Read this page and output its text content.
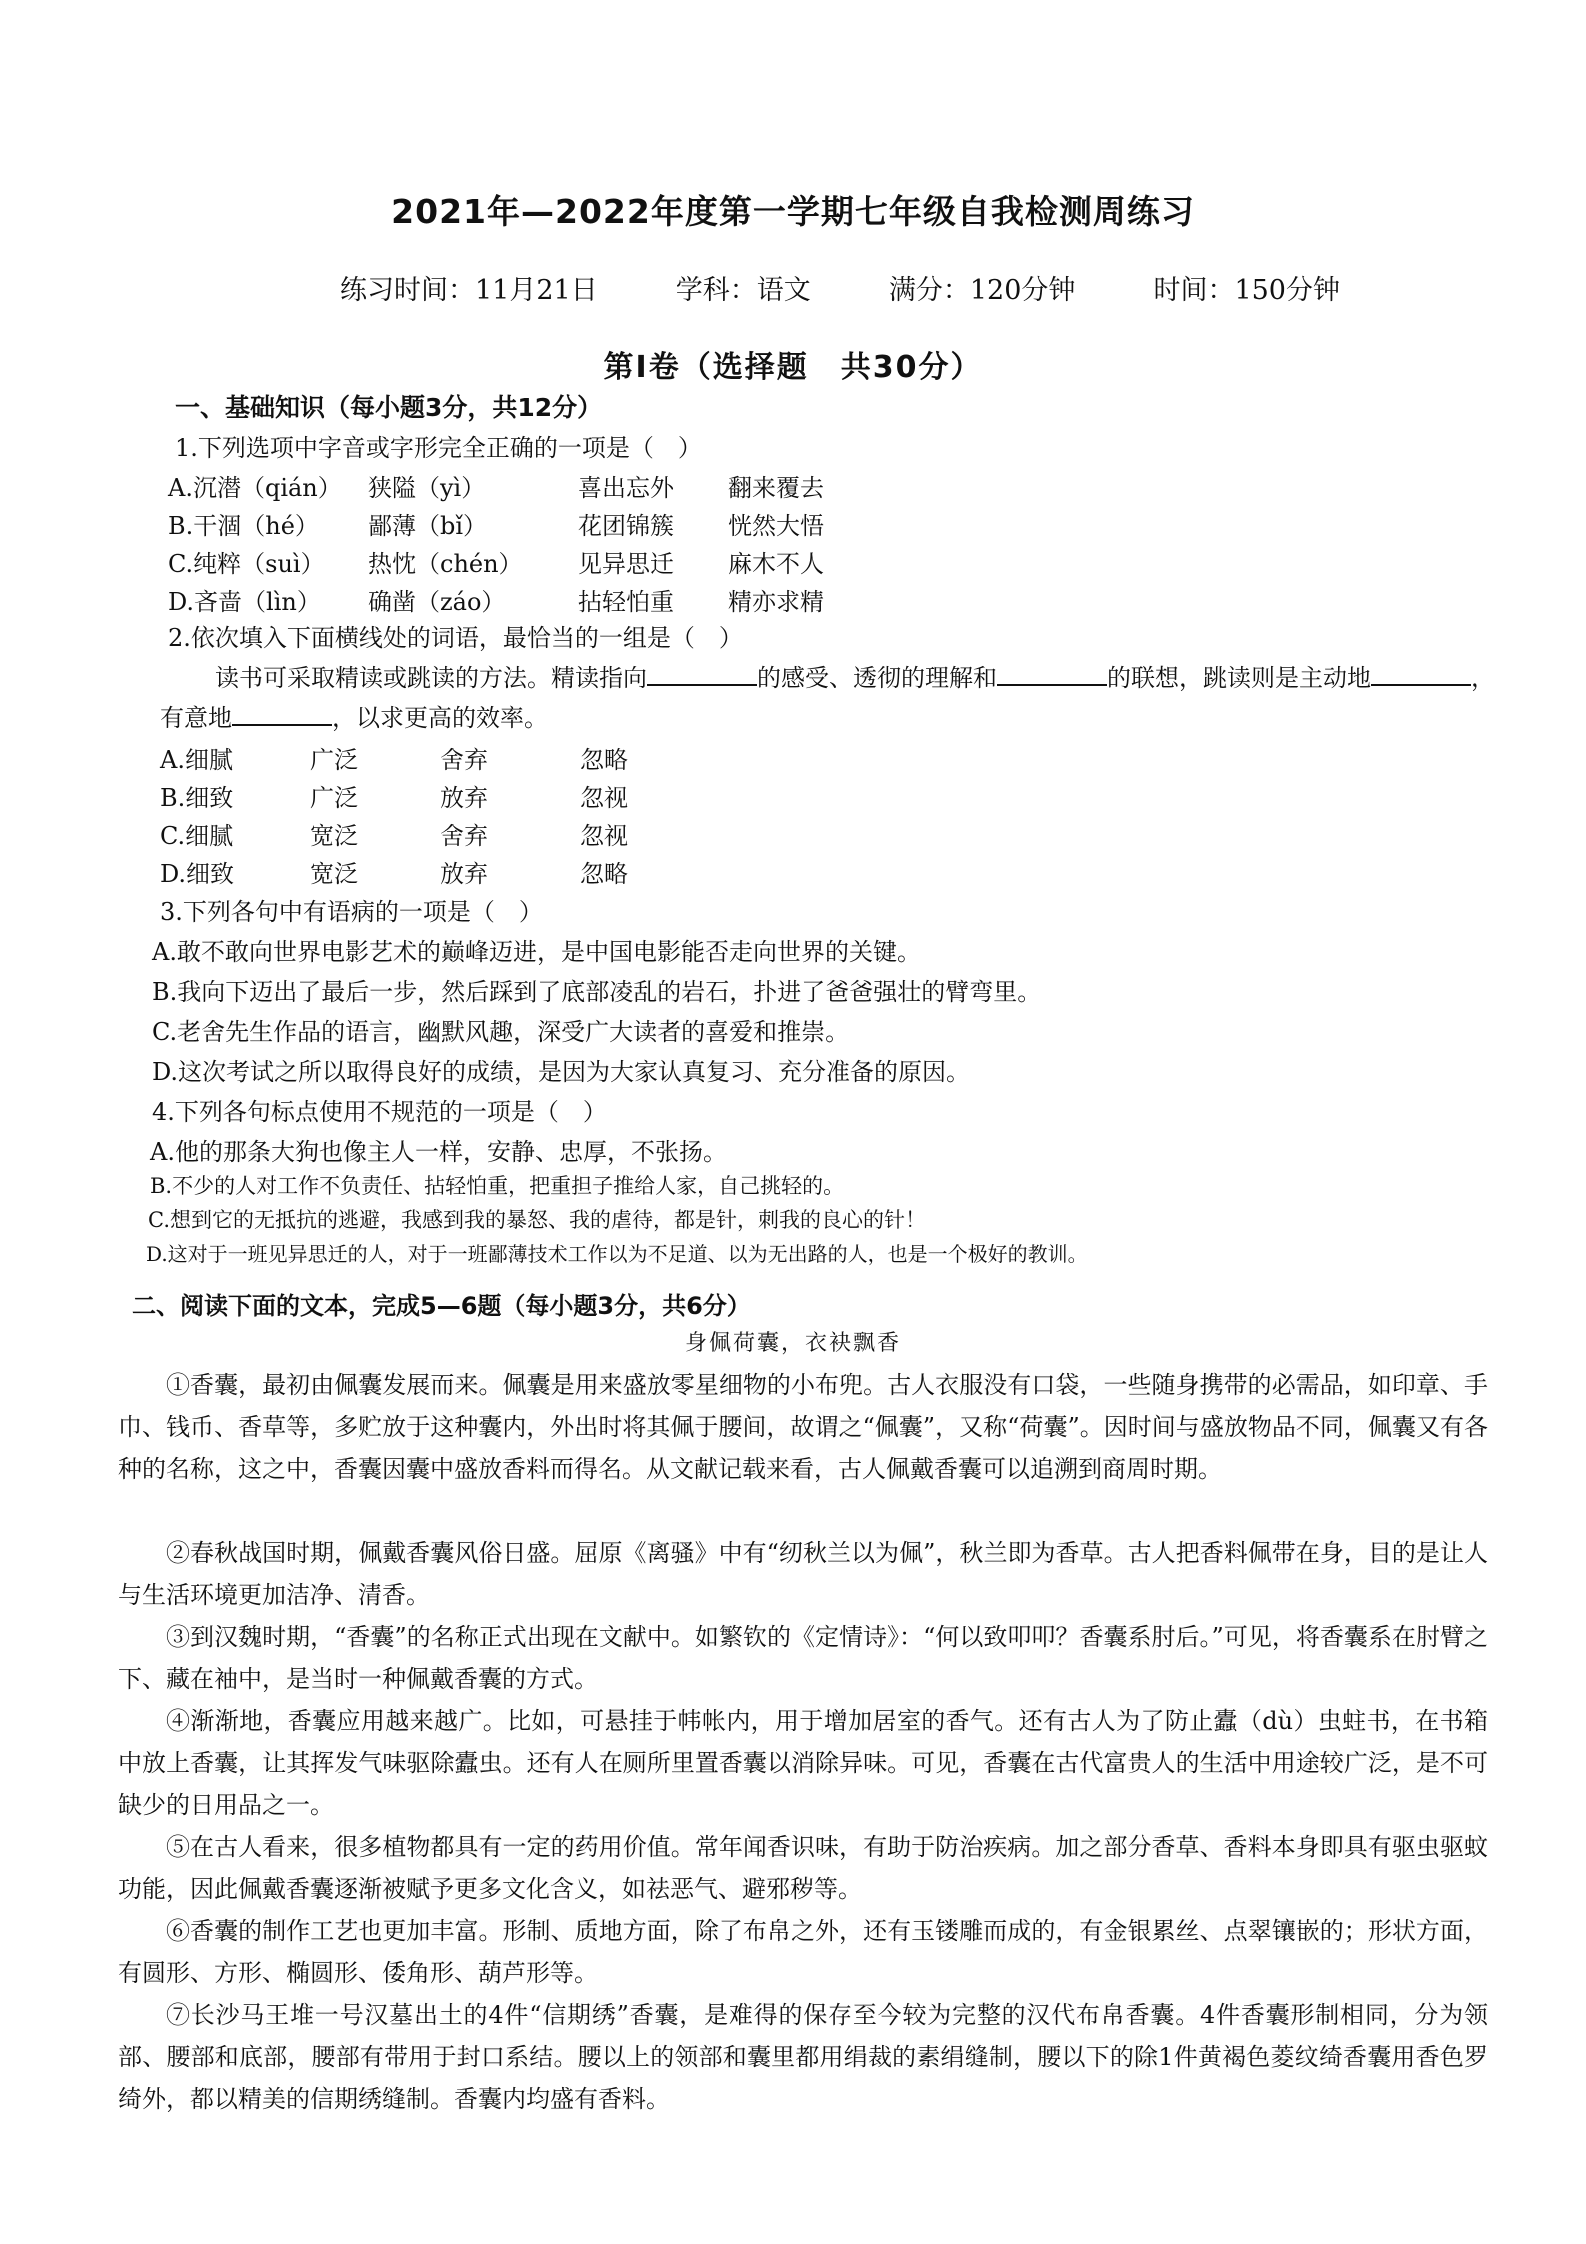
2021年—2022年度第一学期七年级自我检测周练习
练习时间：11月21日	学科：语文	满分：120分钟	时间：150分钟
第Ⅰ卷（选择题　共30分）
一、基础知识（每小题3分，共12分）
1.下列选项中字音或字形完全正确的一项是（　）
A.沉潜（qián）	狭隘（yì）	喜出忘外	翻来覆去
B.干涸（hé）	鄙薄（bǐ）	花团锦簇	恍然大悟
C.纯粹（suì）	热忱（chén）	见异思迁	麻木不人
D.吝啬（lìn）	确凿（záo）	拈轻怕重	精亦求精
2.依次填入下面横线处的词语，最恰当的一组是（　）
读书可采取精读或跳读的方法。精读指向	的感受、透彻的理解和	的联想，跳读则是主动地	，
有意地	，以求更高的效率。
A.细腻	广泛	舍弃	忽略
B.细致	广泛	放弃	忽视
C.细腻	宽泛	舍弃	忽视
D.细致	宽泛	放弃	忽略
3.下列各句中有语病的一项是（　）
A.敢不敢向世界电影艺术的巅峰迈进，是中国电影能否走向世界的关键。
B.我向下迈出了最后一步，然后踩到了底部凌乱的岩石，扑进了爸爸强壮的臂弯里。
C.老舍先生作品的语言，幽默风趣，深受广大读者的喜爱和推崇。
D.这次考试之所以取得良好的成绩，是因为大家认真复习、充分准备的原因。
4.下列各句标点使用不规范的一项是（　）
A.他的那条大狗也像主人一样，安静、忠厚，不张扬。
B.不少的人对工作不负责任、拈轻怕重，把重担子推给人家，自己挑轻的。
C.想到它的无抵抗的逃避，我感到我的暴怒、我的虐待，都是针，刺我的良心的针！
D.这对于一班见异思迁的人，对于一班鄙薄技术工作以为不足道、以为无出路的人，也是一个极好的教训。
二、阅读下面的文本，完成5—6题（每小题3分，共6分）
身佩荷囊，衣袂飘香
①香囊，最初由佩囊发展而来。佩囊是用来盛放零星细物的小布兜。古人衣服没有口袋，一些随身携带的必需品，如印章、手巾、钱币、香草等，多贮放于这种囊内，外出时将其佩于腰间，故谓之“佩囊”，又称“荷囊”。因时间与盛放物品不同，佩囊又有各种的名称，这之中，香囊因囊中盛放香料而得名。从文献记载来看，古人佩戴香囊可以追溯到商周时期。
②春秋战国时期，佩戴香囊风俗日盛。屈原《离骚》中有“纫秋兰以为佩”，秋兰即为香草。古人把香料佩带在身，目的是让人与生活环境更加洁净、清香。
③到汉魏时期，“香囊”的名称正式出现在文献中。如繁钦的《定情诗》：“何以致叩叩？香囊系肘后。”可见，将香囊系在肘臂之下、藏在袖中，是当时一种佩戴香囊的方式。
④渐渐地，香囊应用越来越广。比如，可悬挂于帏帐内，用于增加居室的香气。还有古人为了防止蠹（dù）虫蛀书，在书箱中放上香囊，让其挥发气味驱除蠹虫。还有人在厕所里置香囊以消除异味。可见，香囊在古代富贵人的生活中用途较广泛，是不可缺少的日用品之一。
⑤在古人看来，很多植物都具有一定的药用价值。常年闻香识味，有助于防治疾病。加之部分香草、香料本身即具有驱虫驱蚊功能，因此佩戴香囊逐渐被赋予更多文化含义，如祛恶气、避邪秽等。
⑥香囊的制作工艺也更加丰富。形制、质地方面，除了布帛之外，还有玉镂雕而成的，有金银累丝、点翠镶嵌的；形状方面，有圆形、方形、椭圆形、倭角形、葫芦形等。
⑦长沙马王堆一号汉墓出土的4件“信期绣”香囊，是难得的保存至今较为完整的汉代布帛香囊。4件香囊形制相同，分为领部、腰部和底部，腰部有带用于封口系结。腰以上的领部和囊里都用绢裁的素绢缝制，腰以下的除1件黄褐色菱纹绮香囊用香色罗绮外，都以精美的信期绣缝制。香囊内均盛有香料。
